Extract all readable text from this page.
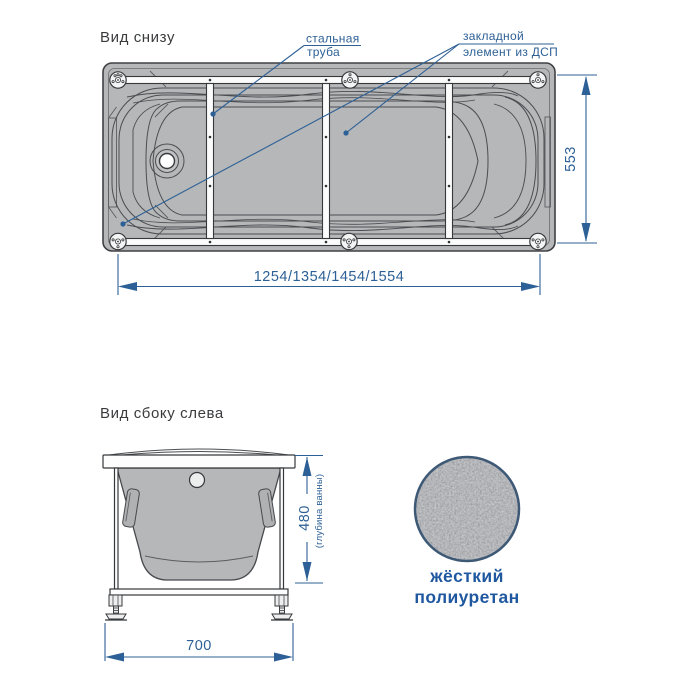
Вид снизу	стальная
труба
закладной
элемент из ДСП
553
1254/1354/1454/1554
Вид сбоку слева
480 (глубина ванны)
700
жёсткий
полиуретан
